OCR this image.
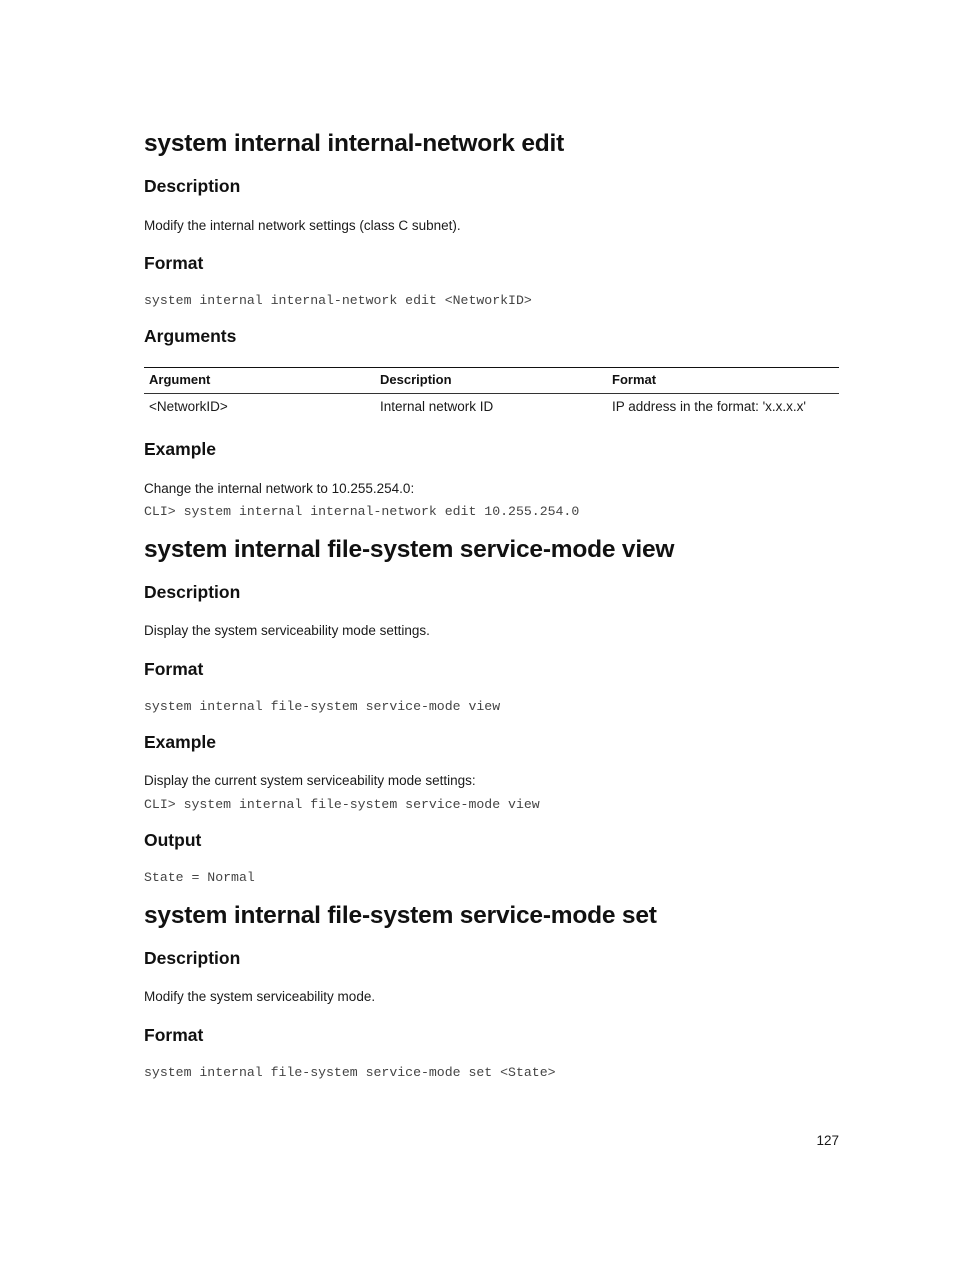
system internal internal-network edit
Description
Modify the internal network settings (class C subnet).
Format
system internal internal-network edit <NetworkID>
Arguments
Argument	Description	Format
<NetworkID>	Internal network ID	IP address in the format: 'x.x.x.x'
Example
Change the internal network to 10.255.254.0:
CLI> system internal internal-network edit 10.255.254.0
system internal file-system service-mode view
Description
Display the system serviceability mode settings.
Format
system internal file-system service-mode view
Example
Display the current system serviceability mode settings:
CLI> system internal file-system service-mode view
Output
State = Normal
system internal file-system service-mode set
Description
Modify the system serviceability mode.
Format
system internal file-system service-mode set <State>
127
